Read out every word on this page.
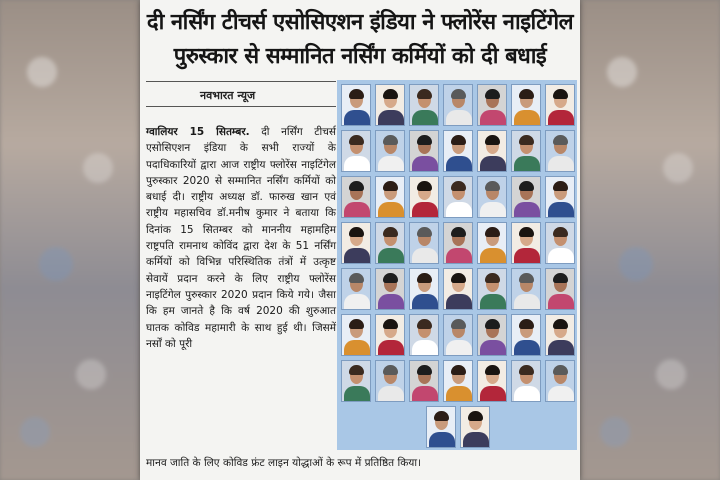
दी नर्सिंग टीचर्स एसोसिएशन इंडिया ने फ्लोरेंस नाइटिंगेल
पुरुस्कार से सम्मानित नर्सिंग कर्मियों को दी बधाई
नवभारत न्यूज
ग्वालियर 15 सितम्बर. दी नर्सिंग टीचर्स एसोसिएशन इंडिया के सभी राज्यों के पदाधिकारियों द्वारा आज राष्ट्रीय फ्लोरेंस नाइटिंगेल पुरुस्कार 2020 से सम्मानित नर्सिंग कर्मियों को बधाई दी। राष्ट्रीय अध्यक्ष डॉ. फारुख खान एवं राष्ट्रीय महासचिव डॉ.मनीष कुमार ने बताया कि दिनांक 15 सितम्बर को माननीय महामहिम राष्ट्रपति रामनाथ कोविंद द्वारा देश के 51 नर्सिंग कर्मियों को विभिन्न परिस्थितिक तंत्रों में उत्कृष्ट सेवायें प्रदान करने के लिए राष्ट्रीय फ्लोरेंस नाइटिंगेल पुरुस्कार 2020 प्रदान किये गये। जैसा कि हम जानते है कि वर्ष 2020 की शुरुआत घातक कोविड महामारी के साथ हुई थी। जिसमें नर्सों को पूरी
मानव जाति के लिए कोविड फ्रंट लाइन योद्धाओं के रूप में प्रतिष्ठित किया।
